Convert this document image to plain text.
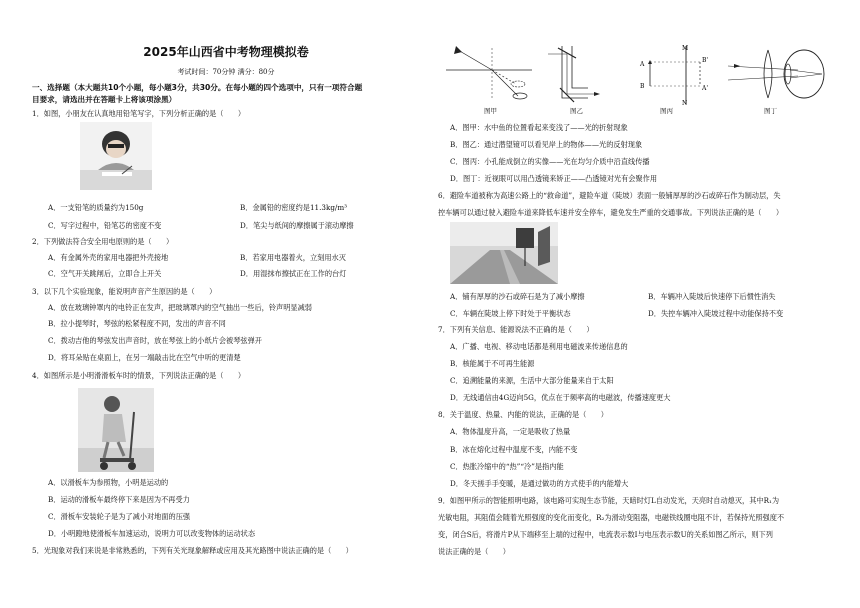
2025年山西省中考物理模拟卷
考试时间：70分钟 满分：80分
一、选择题（本大题共10个小题，每小题3分，共30分。在每小题的四个选项中，只有一项符合题
目要求，请选出并在答题卡上将该项涂黑）
1．如图，小朋友在认真地用铅笔写字，下列分析正确的是（　　）
A．一支铅笔的质量约为150g	B．金属铅的密度约是11.3kg/m³
C．写字过程中，铅笔芯的密度不变	D．笔尖与纸间的摩擦属于滚动摩擦
2．下列做法符合安全用电原则的是（　　）
A．有金属外壳的家用电器把外壳接地	B．若家用电器着火，立刻用水灭
C．空气开关跳闸后，立即合上开关	D．用湿抹布擦拭正在工作的台灯
3．以下几个实验现象，能说明声音产生原因的是（　　）
A．放在玻璃钟罩内的电铃正在发声，把玻璃罩内的空气抽出一些后，铃声明显减弱
B．拉小提琴时，琴弦的松紧程度不同，发出的声音不同
C．拨动吉他的琴弦发出声音时，放在琴弦上的小纸片会被琴弦弹开
D．将耳朵贴在桌面上，在另一端敲击比在空气中听的更清楚
4．如图所示是小明滑滑板车时的情景，下列说法正确的是（　　）
A．以滑板车为参照物，小明是运动的
B．运动的滑板车最终停下来是因为不再受力
C．滑板车安装轮子是为了减小对地面的压强
D．小明蹬地使滑板车加速运动，说明力可以改变物体的运动状态
5．光现象对我们来说是非常熟悉的，下列有关光现象解释或应用及其光路图中说法正确的是（　　）
图甲	图乙
M
B'
A
B	A'
N
图丙	图丁
A．图甲：水中鱼的位置看起来变浅了——光的折射现象
B．图乙：通过潜望镜可以看见岸上的物体——光的反射现象
C．图丙：小孔能成倒立的实像——光在均匀介质中沿直线传播
D．图丁：近视眼可以用凸透镜来矫正——凸透镜对光有会聚作用
6．避险车道被称为高速公路上的“救命道”，避险车道（陡坡）表面一般铺厚厚的沙石或碎石作为制动层，失
控车辆可以通过驶入避险车道来降低车速并安全停车，避免发生严重的交通事故。下列说法正确的是（　　）
A．铺有厚厚的沙石或碎石是为了减小摩擦	B．车辆冲入陡坡后快速停下后惯性消失
C．车辆在陡坡上停下时处于平衡状态	D．失控车辆冲入陡坡过程中动能保持不变
7．下列有关信息、能源说法不正确的是（　　）
A．广播、电视、移动电话都是利用电磁波来传递信息的
B．核能属于不可再生能源
C．追溯能量的来源，生活中大部分能量来自于太阳
D．无线通信由4G迈向5G，优点在于频率高的电磁波，传播速度更大
8．关于温度、热量、内能的说法，正确的是（　　）
A．物体温度升高，一定是吸收了热量
B．冰在熔化过程中温度不变，内能不变
C．热胀冷缩中的“热”“冷”是指内能
D．冬天搓手手变暖，是通过做功的方式使手的内能增大
9．如图甲所示的智能照明电路，该电路可实现生态节能，天暗时灯L自动发光，天亮时自动熄灭，其中R₁为
光敏电阻，其阻值会随着光照强度的变化而变化，R₂为滑动变阻器，电磁铁线圈电阻不计，若保持光照强度不
变，闭合S后，将滑片P从下端移至上端的过程中，电流表示数I与电压表示数U的关系如图乙所示，则下列
说法正确的是（　　）
